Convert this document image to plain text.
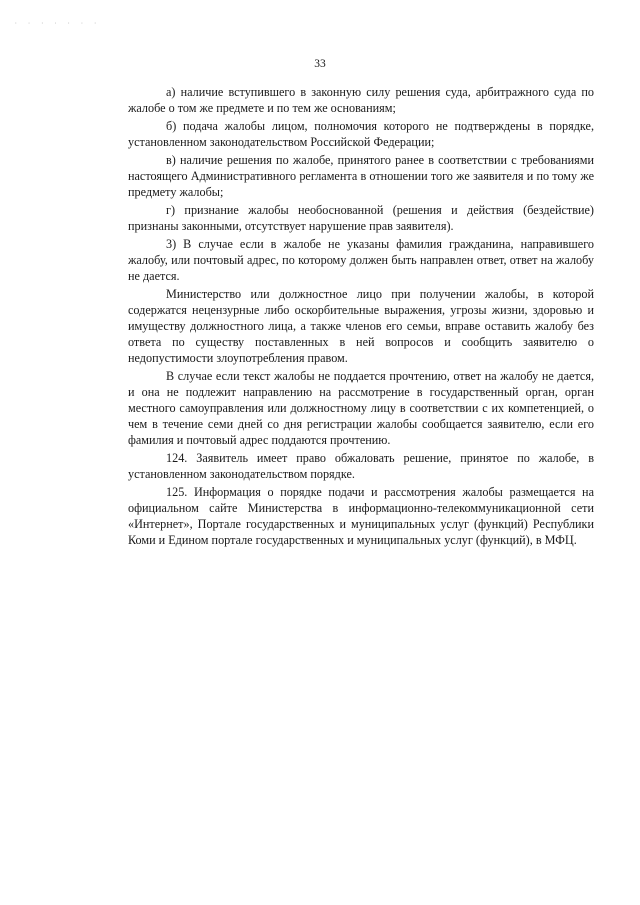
· · · · · · ·
33

а) наличие вступившего в законную силу решения суда, арбитражного суда по жалобе о том же предмете и по тем же основаниям;

б) подача жалобы лицом, полномочия которого не подтверждены в порядке, установленном законодательством Российской Федерации;

в) наличие решения по жалобе, принятого ранее в соответствии с требованиями настоящего Административного регламента в отношении того же заявителя и по тому же предмету жалобы;

г) признание жалобы необоснованной (решения и действия (бездействие) признаны законными, отсутствует нарушение прав заявителя).

3) В случае если в жалобе не указаны фамилия гражданина, направившего жалобу, или почтовый адрес, по которому должен быть направлен ответ, ответ на жалобу не дается.

Министерство или должностное лицо при получении жалобы, в которой содержатся нецензурные либо оскорбительные выражения, угрозы жизни, здоровью и имуществу должностного лица, а также членов его семьи, вправе оставить жалобу без ответа по существу поставленных в ней вопросов и сообщить заявителю о недопустимости злоупотребления правом.

В случае если текст жалобы не поддается прочтению, ответ на жалобу не дается, и она не подлежит направлению на рассмотрение в государственный орган, орган местного самоуправления или должностному лицу в соответствии с их компетенцией, о чем в течение семи дней со дня регистрации жалобы сообщается заявителю, если его фамилия и почтовый адрес поддаются прочтению.

124. Заявитель имеет право обжаловать решение, принятое по жалобе, в установленном законодательством порядке.

125. Информация о порядке подачи и рассмотрения жалобы размещается на официальном сайте Министерства в информационно-телекоммуникационной сети «Интернет», Портале государственных и муниципальных услуг (функций) Республики Коми и Едином портале государственных и муниципальных услуг (функций), в МФЦ.
